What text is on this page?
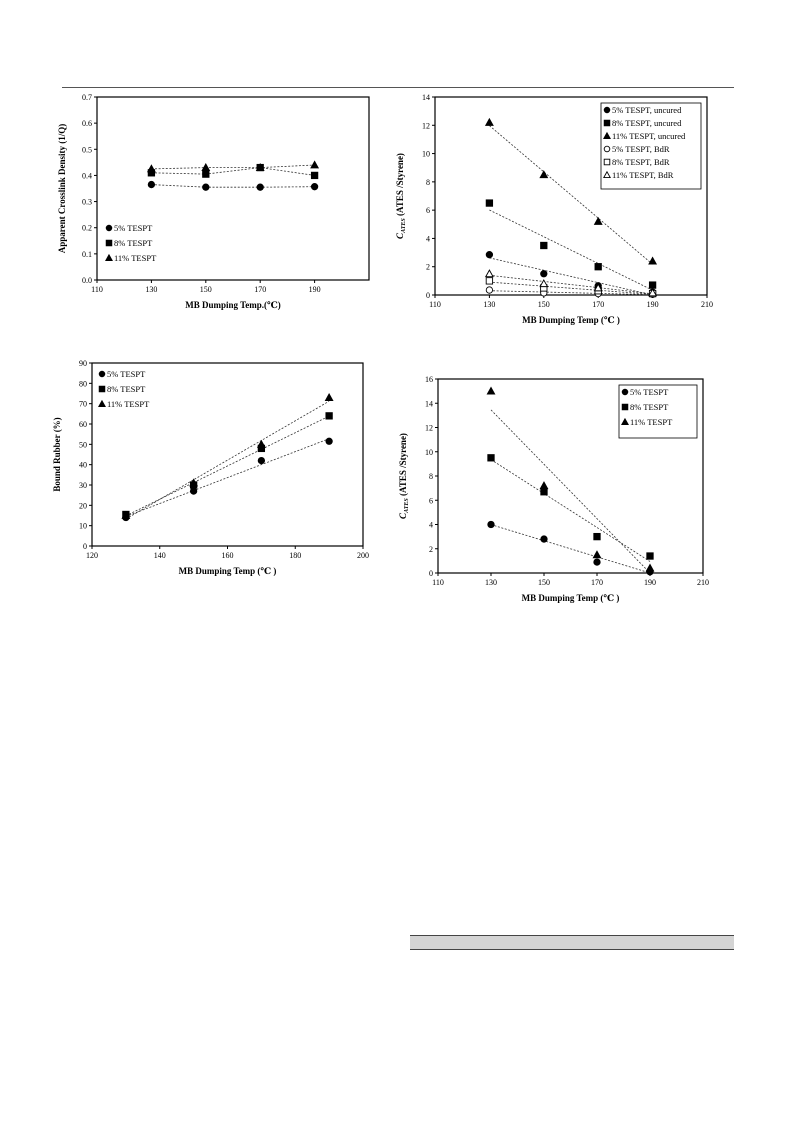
110	130	150	170	190
0.0
0.1
0.2
0.3
0.4
0.5
0.6
0.7
MB Dumping Temp.(℃)
Apparent Crosslink Density (1/Q)	5% TESPT
8% TESPT
11% TESPT
110	130	150	170	190	210
0
2
4
6
8
10
12
14
MB Dumping Temp (℃ )
$C_{ATES}$ (ATES /Styrene)
5% TESPT, uncured
8% TESPT, uncured
11% TESPT, uncured
5% TESPT, BdR
8% TESPT, BdR
11% TESPT, BdR
120	140	160	180	200
0
10
20
30
40
50
60
70
80
90
MB Dumping Temp (℃ )
Bound Rubber (%)
5% TESPT
8% TESPT
11% TESPT
110	130	150	170	190	210
0
2
4
6
8
10
12
14
16
MB Dumping Temp (℃ )
$C_{ATES}$ (ATES /Styrene)
5% TESPT
8% TESPT
11% TESPT
